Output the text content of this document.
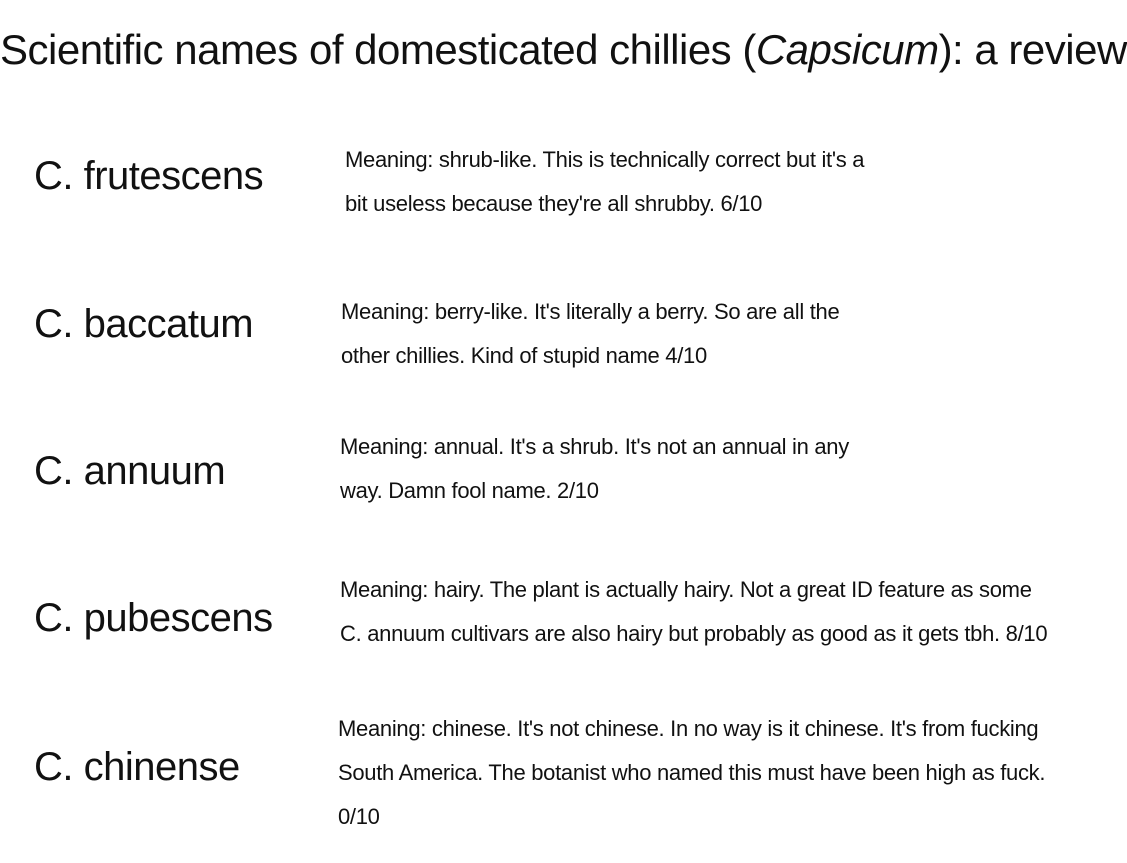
Scientific names of domesticated chillies (Capsicum): a review
C. frutescens	Meaning: shrub-like. This is technically correct but it's a
bit useless because they're all shrubby. 6/10
C. baccatum	Meaning: berry-like. It's literally a berry. So are all the
other chillies. Kind of stupid name 4/10
C. annuum
Meaning: annual. It's a shrub. It's not an annual in any
way. Damn fool name. 2/10
C. pubescens
Meaning: hairy. The plant is actually hairy. Not a great ID feature as some
C. annuum cultivars are also hairy but probably as good as it gets tbh. 8/10
C. chinense
Meaning: chinese. It's not chinese. In no way is it chinese. It's from fucking
South America. The botanist who named this must have been high as fuck.
0/10
